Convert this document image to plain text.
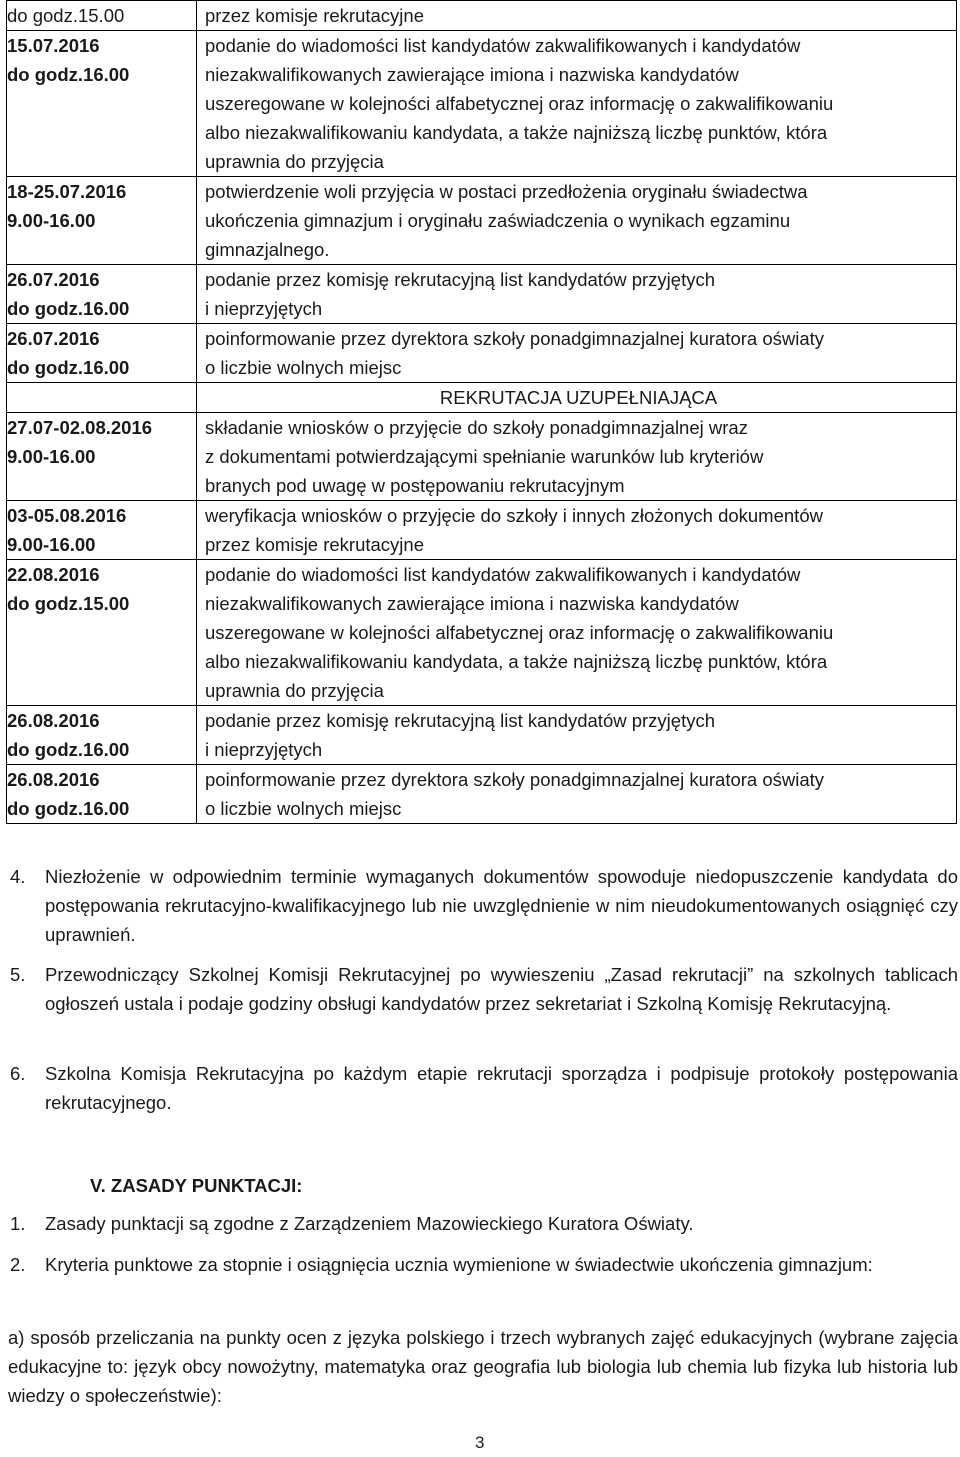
do godz.15.00	przez komisje rekrutacyjne

15.07.2016
do godz.16.00	podanie do wiadomości list kandydatów zakwalifikowanych i kandydatów
niezakwalifikowanych zawierające imiona i nazwiska kandydatów
uszeregowane w kolejności alfabetycznej oraz informację o zakwalifikowaniu
albo niezakwalifikowaniu kandydata, a także najniższą liczbę punktów, która
uprawnia do przyjęcia

18-25.07.2016
9.00-16.00	potwierdzenie woli przyjęcia w postaci przedłożenia oryginału świadectwa
ukończenia gimnazjum i oryginału zaświadczenia o wynikach egzaminu
gimnazjalnego.

26.07.2016
do godz.16.00	podanie przez komisję rekrutacyjną list kandydatów przyjętych
i nieprzyjętych

26.07.2016
do godz.16.00	poinformowanie przez dyrektora szkoły ponadgimnazjalnej kuratora oświaty
o liczbie wolnych miejsc

	REKRUTACJA UZUPEŁNIAJĄCA

27.07-02.08.2016
9.00-16.00	składanie wniosków o przyjęcie do szkoły ponadgimnazjalnej wraz
z dokumentami potwierdzającymi spełnianie warunków lub kryteriów
branych pod uwagę w postępowaniu rekrutacyjnym

03-05.08.2016
9.00-16.00	weryfikacja wniosków o przyjęcie do szkoły i innych złożonych dokumentów
przez komisje rekrutacyjne

22.08.2016
do godz.15.00	podanie do wiadomości list kandydatów zakwalifikowanych i kandydatów
niezakwalifikowanych zawierające imiona i nazwiska kandydatów
uszeregowane w kolejności alfabetycznej oraz informację o zakwalifikowaniu
albo niezakwalifikowaniu kandydata, a także najniższą liczbę punktów, która
uprawnia do przyjęcia

26.08.2016
do godz.16.00	podanie przez komisję rekrutacyjną list kandydatów przyjętych
i nieprzyjętych

26.08.2016
do godz.16.00	poinformowanie przez dyrektora szkoły ponadgimnazjalnej kuratora oświaty
o liczbie wolnych miejsc
4. Niezłożenie w odpowiednim terminie wymaganych dokumentów spowoduje niedopuszczenie kandydata do postępowania rekrutacyjno-kwalifikacyjnego lub nie uwzględnienie w nim nieudokumentowanych osiągnięć czy uprawnień.
5. Przewodniczący Szkolnej Komisji Rekrutacyjnej po wywieszeniu „Zasad rekrutacji” na szkolnych tablicach ogłoszeń ustala i podaje godziny obsługi kandydatów przez sekretariat i Szkolną Komisję Rekrutacyjną.
6. Szkolna Komisja Rekrutacyjna po każdym etapie rekrutacji sporządza i podpisuje protokoły postępowania rekrutacyjnego.
V. ZASADY PUNKTACJI:
1. Zasady punktacji są zgodne z Zarządzeniem Mazowieckiego Kuratora Oświaty.
2. Kryteria punktowe za stopnie i osiągnięcia ucznia wymienione w świadectwie ukończenia gimnazjum:
a) sposób przeliczania na punkty ocen z języka polskiego i trzech wybranych zajęć edukacyjnych (wybrane zajęcia edukacyjne to: język obcy nowożytny, matematyka oraz geografia lub biologia lub chemia lub fizyka lub historia lub wiedzy o społeczeństwie):
3
